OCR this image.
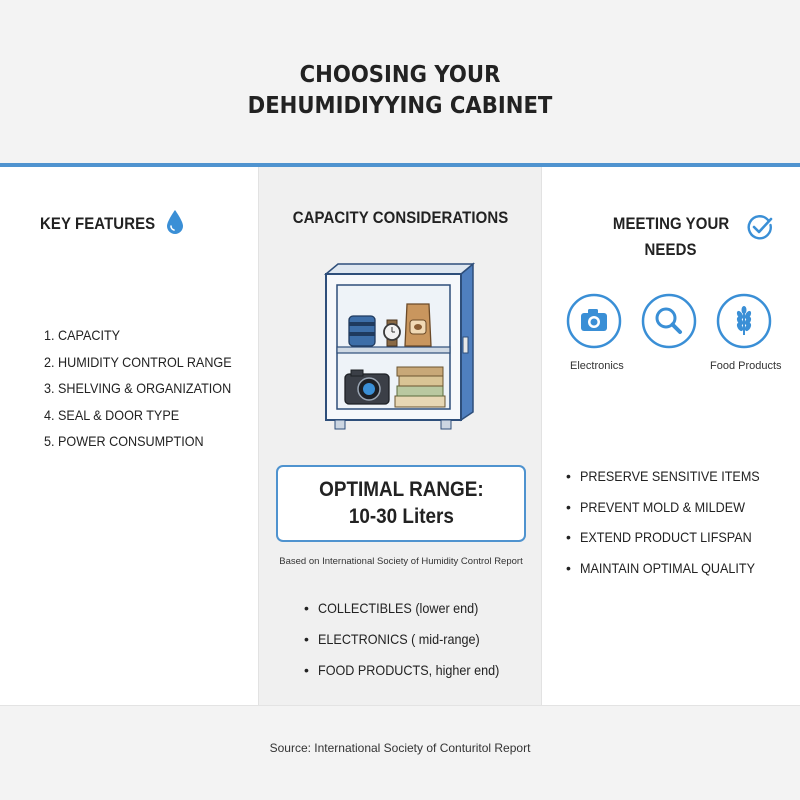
CHOOSING YOUR
DEHUMIDIYYING CABINET
KEY FEATURES
1. CAPACITY
2. HUMIDITY CONTROL RANGE
3. SHELVING & ORGANIZATION
4. SEAL & DOOR TYPE
5. POWER CONSUMPTION
CAPACITY CONSIDERATIONS
OPTIMAL RANGE:
10-30 Liters
Based on International Society of Humidity Control Report
• COLLECTIBLES (lower end)
• ELECTRONICS ( mid-range)
• FOOD PRODUCTS, higher end)
MEETING YOUR
NEEDS
Electronics	Food Products
• PRESERVE SENSITIVE ITEMS
• PREVENT MOLD & MILDEW
• EXTEND PRODUCT LIFSPAN
• MAINTAIN OPTIMAL QUALITY
Source: International Society of Conturitol Report
